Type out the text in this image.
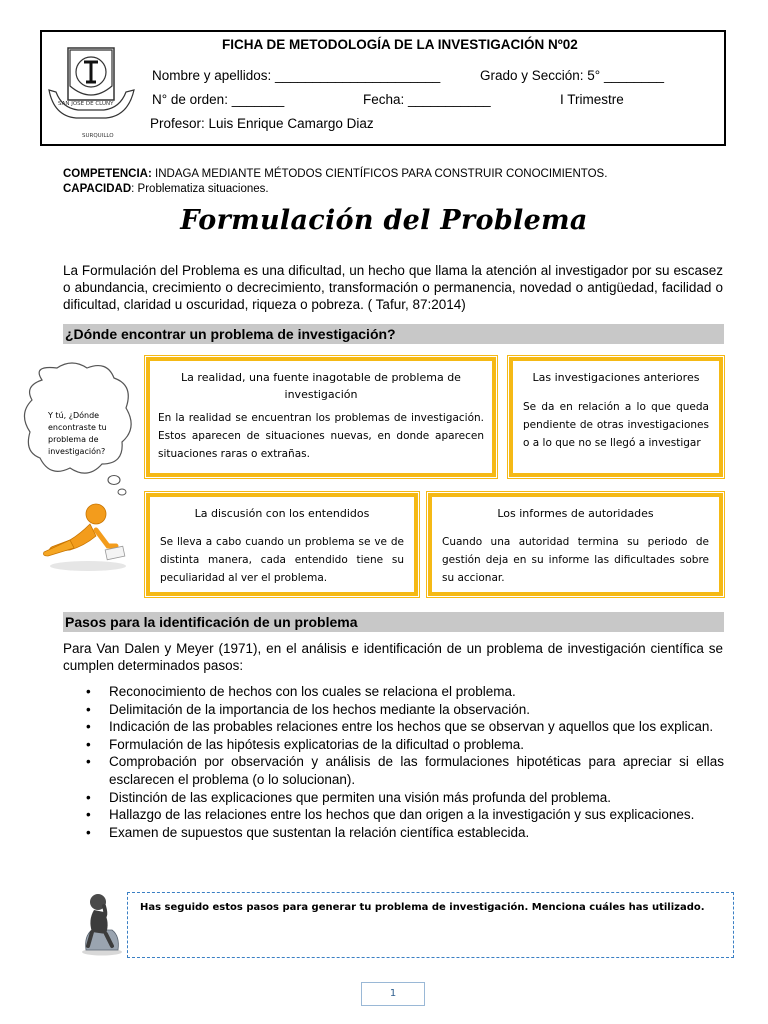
FICHA DE METODOLOGÍA DE LA INVESTIGACIÓN Nº02
SAN JOSE DE CLUNY
SURQUILLO
Nombre y apellidos: ______________________	Grado y Sección: 5° ________
N° de orden: _______	Fecha: ___________	I Trimestre
Profesor: Luis Enrique Camargo Diaz
COMPETENCIA: INDAGA MEDIANTE MÉTODOS CIENTÍFICOS PARA CONSTRUIR CONOCIMIENTOS.
CAPACIDAD: Problematiza situaciones.
Formulación del Problema
La Formulación del Problema es una dificultad, un hecho que llama la atención al investigador por su escasez o abundancia, crecimiento o decrecimiento, transformación o permanencia, novedad o antigüedad, facilidad o dificultad, claridad u oscuridad, riqueza o pobreza. ( Tafur, 87:2014)
¿Dónde encontrar un problema de investigación?
Y tú, ¿Dónde encontraste tu problema de investigación?
La realidad, una fuente inagotable de problema de investigación
En la realidad se encuentran los problemas de investigación. Estos aparecen de situaciones nuevas, en donde aparecen situaciones raras o extrañas.
Las investigaciones anteriores
Se da en relación a lo que queda pendiente de otras investigaciones o a lo que no se llegó a investigar
La discusión con los entendidos
Se lleva a cabo cuando un problema se ve de distinta manera, cada entendido tiene su peculiaridad al ver el problema.
Los informes de autoridades
Cuando una autoridad termina su periodo de gestión deja en su informe las dificultades sobre su accionar.
Pasos para la identificación de un problema
Para Van Dalen y Meyer (1971), en el análisis e identificación de un problema de investigación científica se cumplen determinados pasos:
• Reconocimiento de hechos con los cuales se relaciona el problema.
• Delimitación de la importancia de los hechos mediante la observación.
• Indicación de las probables relaciones entre los hechos que se observan y aquellos que los explican.
• Formulación de las hipótesis explicatorias de la dificultad o problema.
• Comprobación por observación y análisis de las formulaciones hipotéticas para apreciar si ellas esclarecen el problema (o lo solucionan).
• Distinción de las explicaciones que permiten una visión más profunda del problema.
• Hallazgo de las relaciones entre los hechos que dan origen a la investigación y sus explicaciones.
• Examen de supuestos que sustentan la relación científica establecida.
Has seguido estos pasos para generar tu problema de investigación. Menciona cuáles has utilizado.
1
